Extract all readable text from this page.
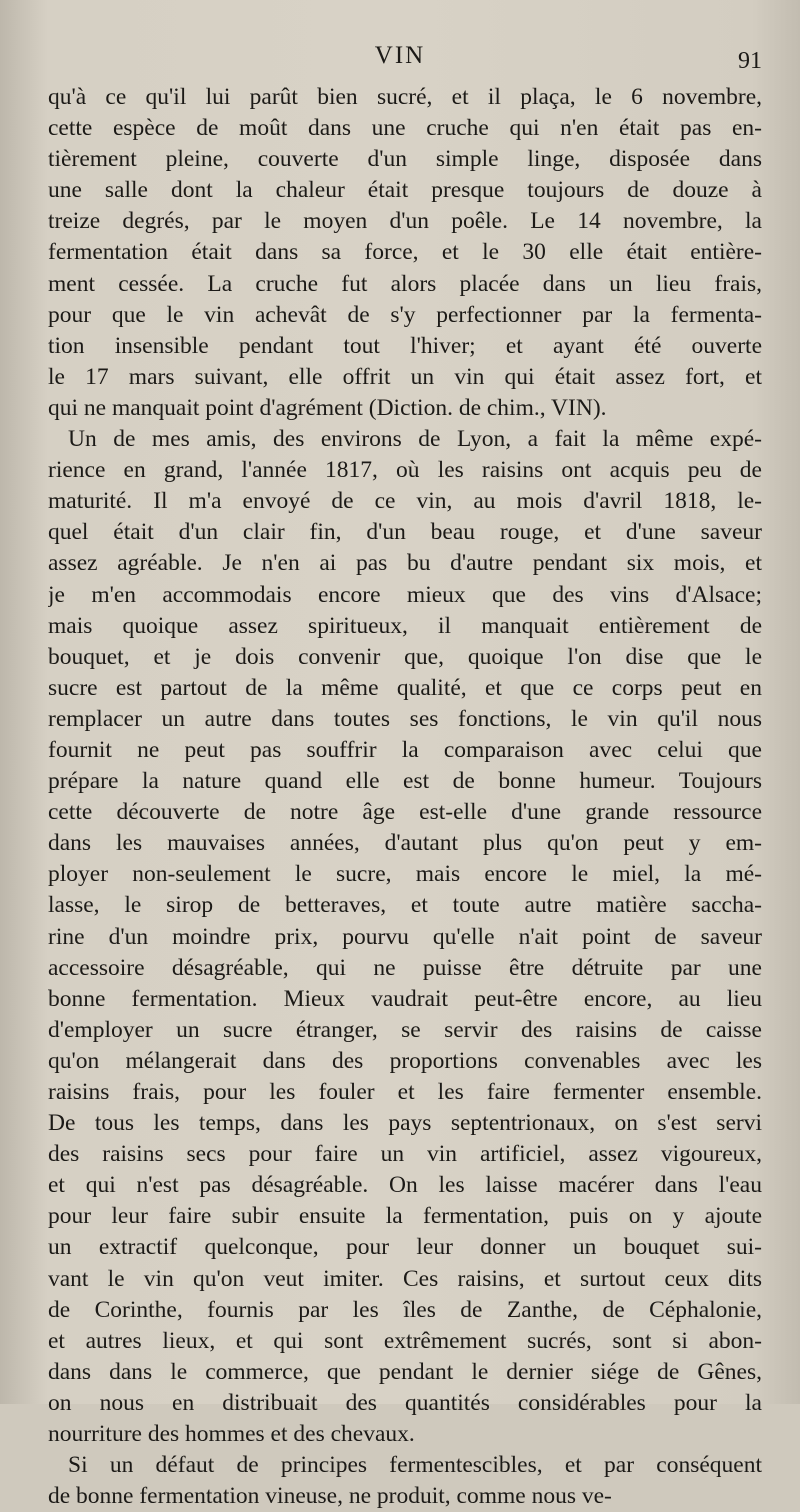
VIN	91
qu'à ce qu'il lui parût bien sucré, et il plaça, le 6 novembre,
cette espèce de moût dans une cruche qui n'en était pas en-
tièrement pleine, couverte d'un simple linge, disposée dans
une salle dont la chaleur était presque toujours de douze à
treize degrés, par le moyen d'un poêle. Le 14 novembre, la
fermentation était dans sa force, et le 30 elle était entière-
ment cessée. La cruche fut alors placée dans un lieu frais,
pour que le vin achevât de s'y perfectionner par la fermenta-
tion insensible pendant tout l'hiver; et ayant été ouverte
le 17 mars suivant, elle offrit un vin qui était assez fort, et
qui ne manquait point d'agrément (Diction. de chim., VIN).
Un de mes amis, des environs de Lyon, a fait la même expé-
rience en grand, l'année 1817, où les raisins ont acquis peu de
maturité. Il m'a envoyé de ce vin, au mois d'avril 1818, le-
quel était d'un clair fin, d'un beau rouge, et d'une saveur
assez agréable. Je n'en ai pas bu d'autre pendant six mois, et
je m'en accommodais encore mieux que des vins d'Alsace;
mais quoique assez spiritueux, il manquait entièrement de
bouquet, et je dois convenir que, quoique l'on dise que le
sucre est partout de la même qualité, et que ce corps peut en
remplacer un autre dans toutes ses fonctions, le vin qu'il nous
fournit ne peut pas souffrir la comparaison avec celui que
prépare la nature quand elle est de bonne humeur. Toujours
cette découverte de notre âge est-elle d'une grande ressource
dans les mauvaises années, d'autant plus qu'on peut y em-
ployer non-seulement le sucre, mais encore le miel, la mé-
lasse, le sirop de betteraves, et toute autre matière saccha-
rine d'un moindre prix, pourvu qu'elle n'ait point de saveur
accessoire désagréable, qui ne puisse être détruite par une
bonne fermentation. Mieux vaudrait peut-être encore, au lieu
d'employer un sucre étranger, se servir des raisins de caisse
qu'on mélangerait dans des proportions convenables avec les
raisins frais, pour les fouler et les faire fermenter ensemble.
De tous les temps, dans les pays septentrionaux, on s'est servi
des raisins secs pour faire un vin artificiel, assez vigoureux,
et qui n'est pas désagréable. On les laisse macérer dans l'eau
pour leur faire subir ensuite la fermentation, puis on y ajoute
un extractif quelconque, pour leur donner un bouquet sui-
vant le vin qu'on veut imiter. Ces raisins, et surtout ceux dits
de Corinthe, fournis par les îles de Zanthe, de Céphalonie,
et autres lieux, et qui sont extrêmement sucrés, sont si abon-
dans dans le commerce, que pendant le dernier siége de Gênes,
on nous en distribuait des quantités considérables pour la
nourriture des hommes et des chevaux.
Si un défaut de principes fermentescibles, et par conséquent
de bonne fermentation vineuse, ne produit, comme nous ve-
